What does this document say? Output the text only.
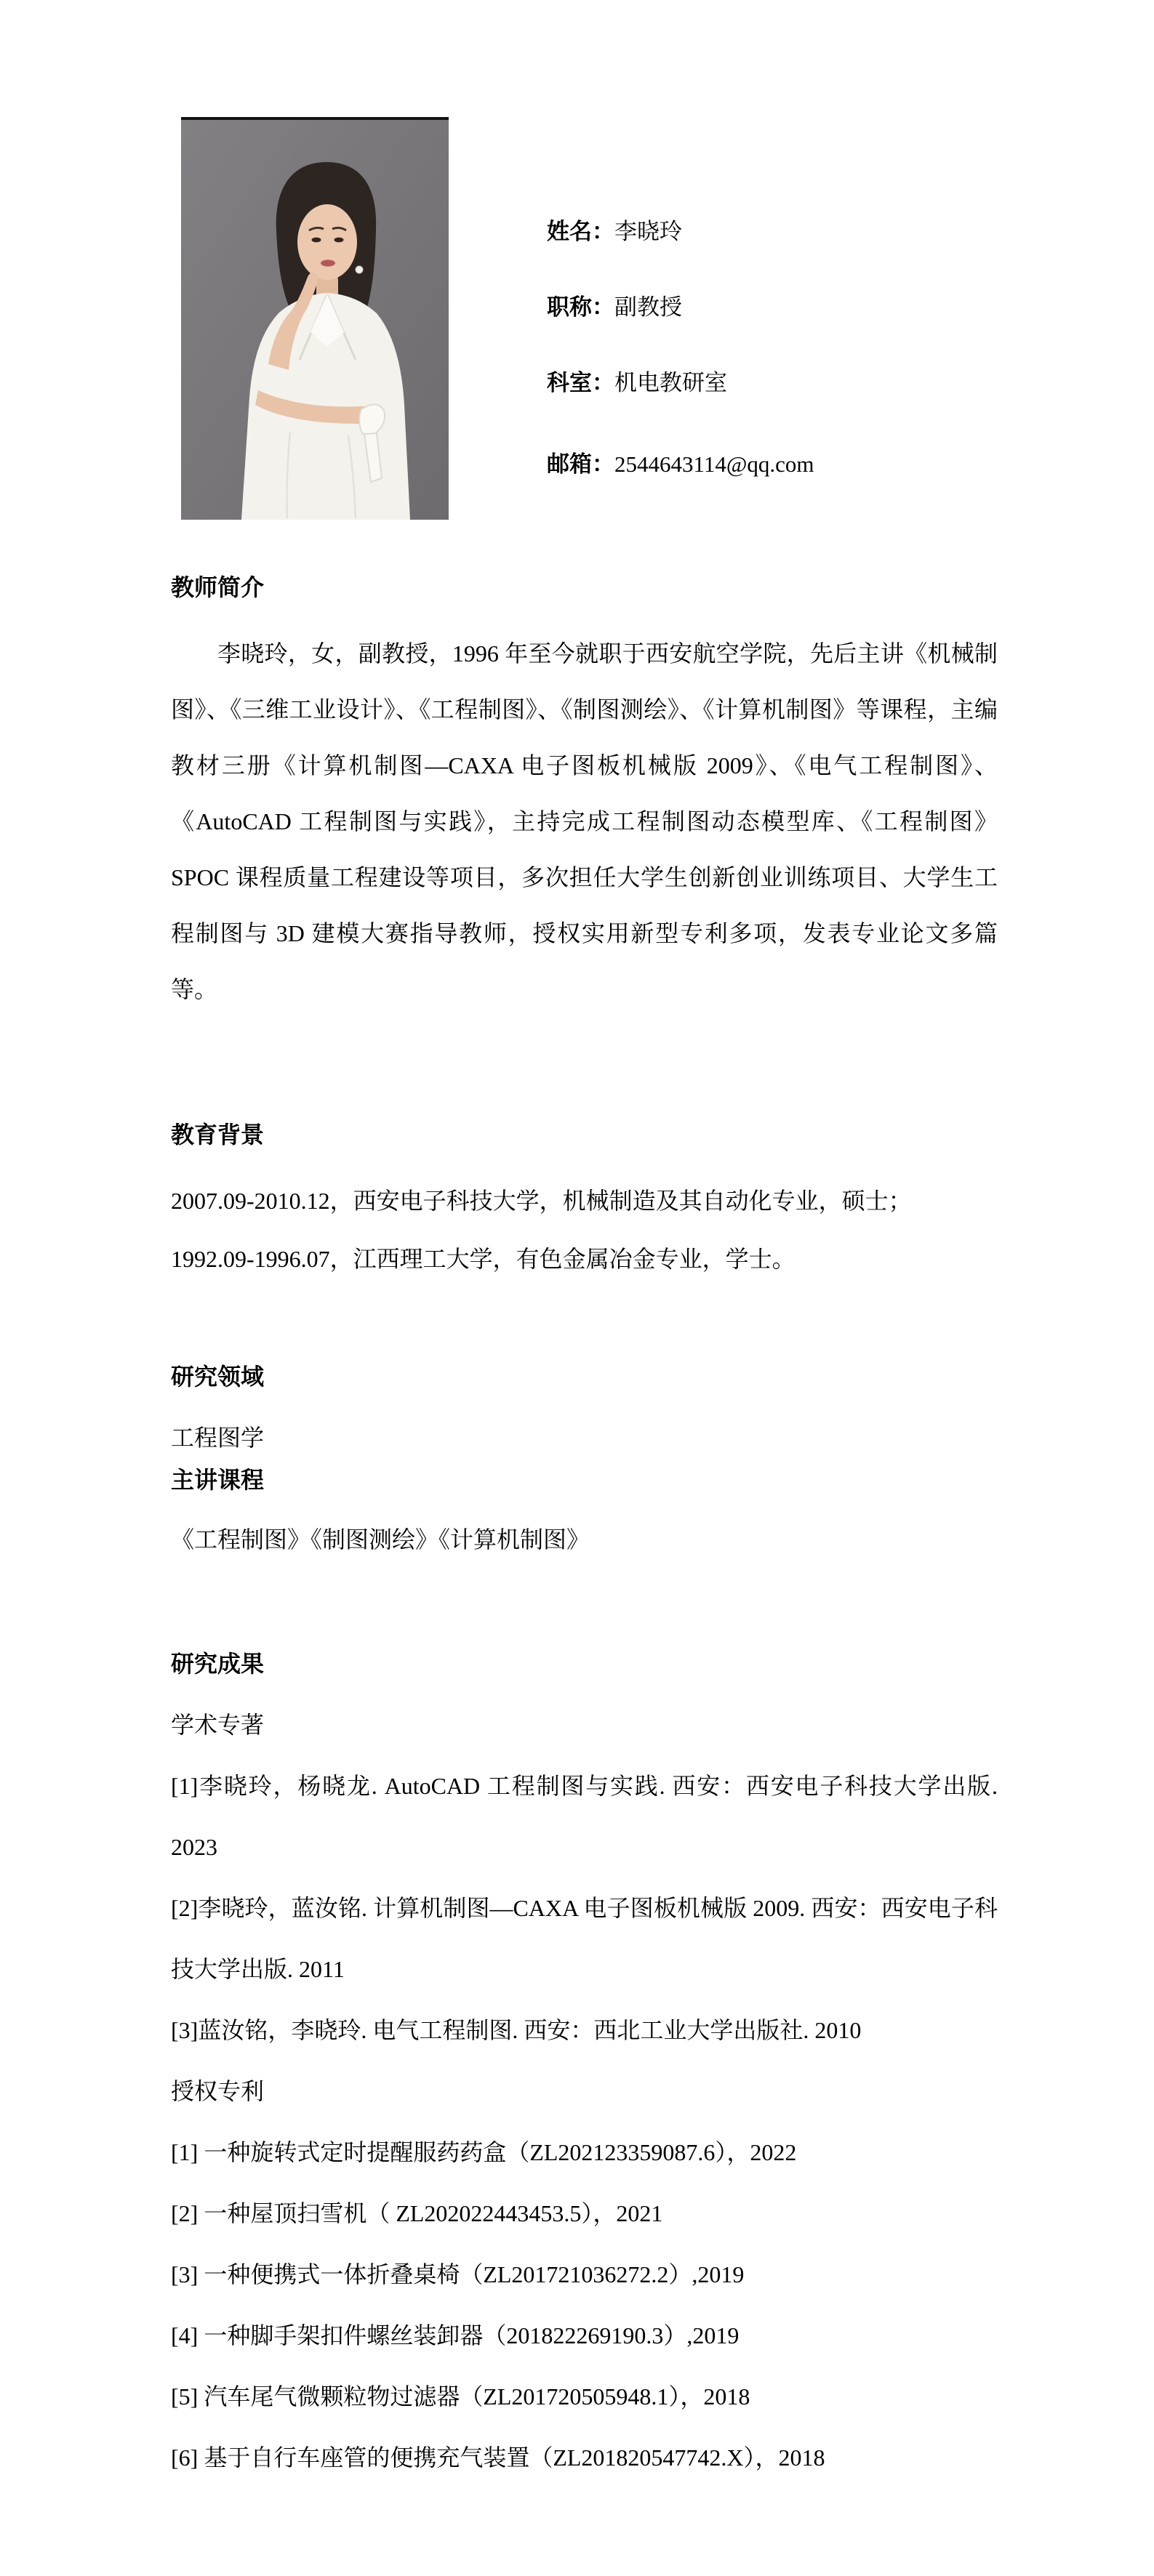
姓名：李晓玲
职称：副教授
科室：机电教研室
邮箱：2544643114@qq.com
教师简介
李晓玲，女，副教授，1996 年至今就职于西安航空学院，先后主讲《机械制图》、《三维工业设计》、《工程制图》、《制图测绘》、《计算机制图》等课程，主编教材三册《计算机制图—CAXA 电子图板机械版 2009》、《电气工程制图》、《AutoCAD 工程制图与实践》，主持完成工程制图动态模型库、《工程制图》SPOC 课程质量工程建设等项目，多次担任大学生创新创业训练项目、大学生工程制图与 3D 建模大赛指导教师，授权实用新型专利多项，发表专业论文多篇等。
教育背景
2007.09-2010.12，西安电子科技大学，机械制造及其自动化专业，硕士；
1992.09-1996.07，江西理工大学，有色金属冶金专业，学士。
研究领域
工程图学
主讲课程
《工程制图》《制图测绘》《计算机制图》

研究成果

学术专著

[1]李晓玲，杨晓龙. AutoCAD 工程制图与实践. 西安：西安电子科技大学出版. 2023

[2]李晓玲，蓝汝铭. 计算机制图—CAXA 电子图板机械版 2009. 西安：西安电子科技大学出版. 2011

[3]蓝汝铭，李晓玲. 电气工程制图. 西安：西北工业大学出版社. 2010

授权专利

[1] 一种旋转式定时提醒服药药盒（ZL202123359087.6），2022

[2] 一种屋顶扫雪机（ ZL202022443453.5），2021

[3] 一种便携式一体折叠桌椅（ZL201721036272.2）,2019

[4] 一种脚手架扣件螺丝装卸器（201822269190.3）,2019

[5] 汽车尾气微颗粒物过滤器（ZL201720505948.1），2018

[6] 基于自行车座管的便携充气装置（ZL201820547742.X），2018
